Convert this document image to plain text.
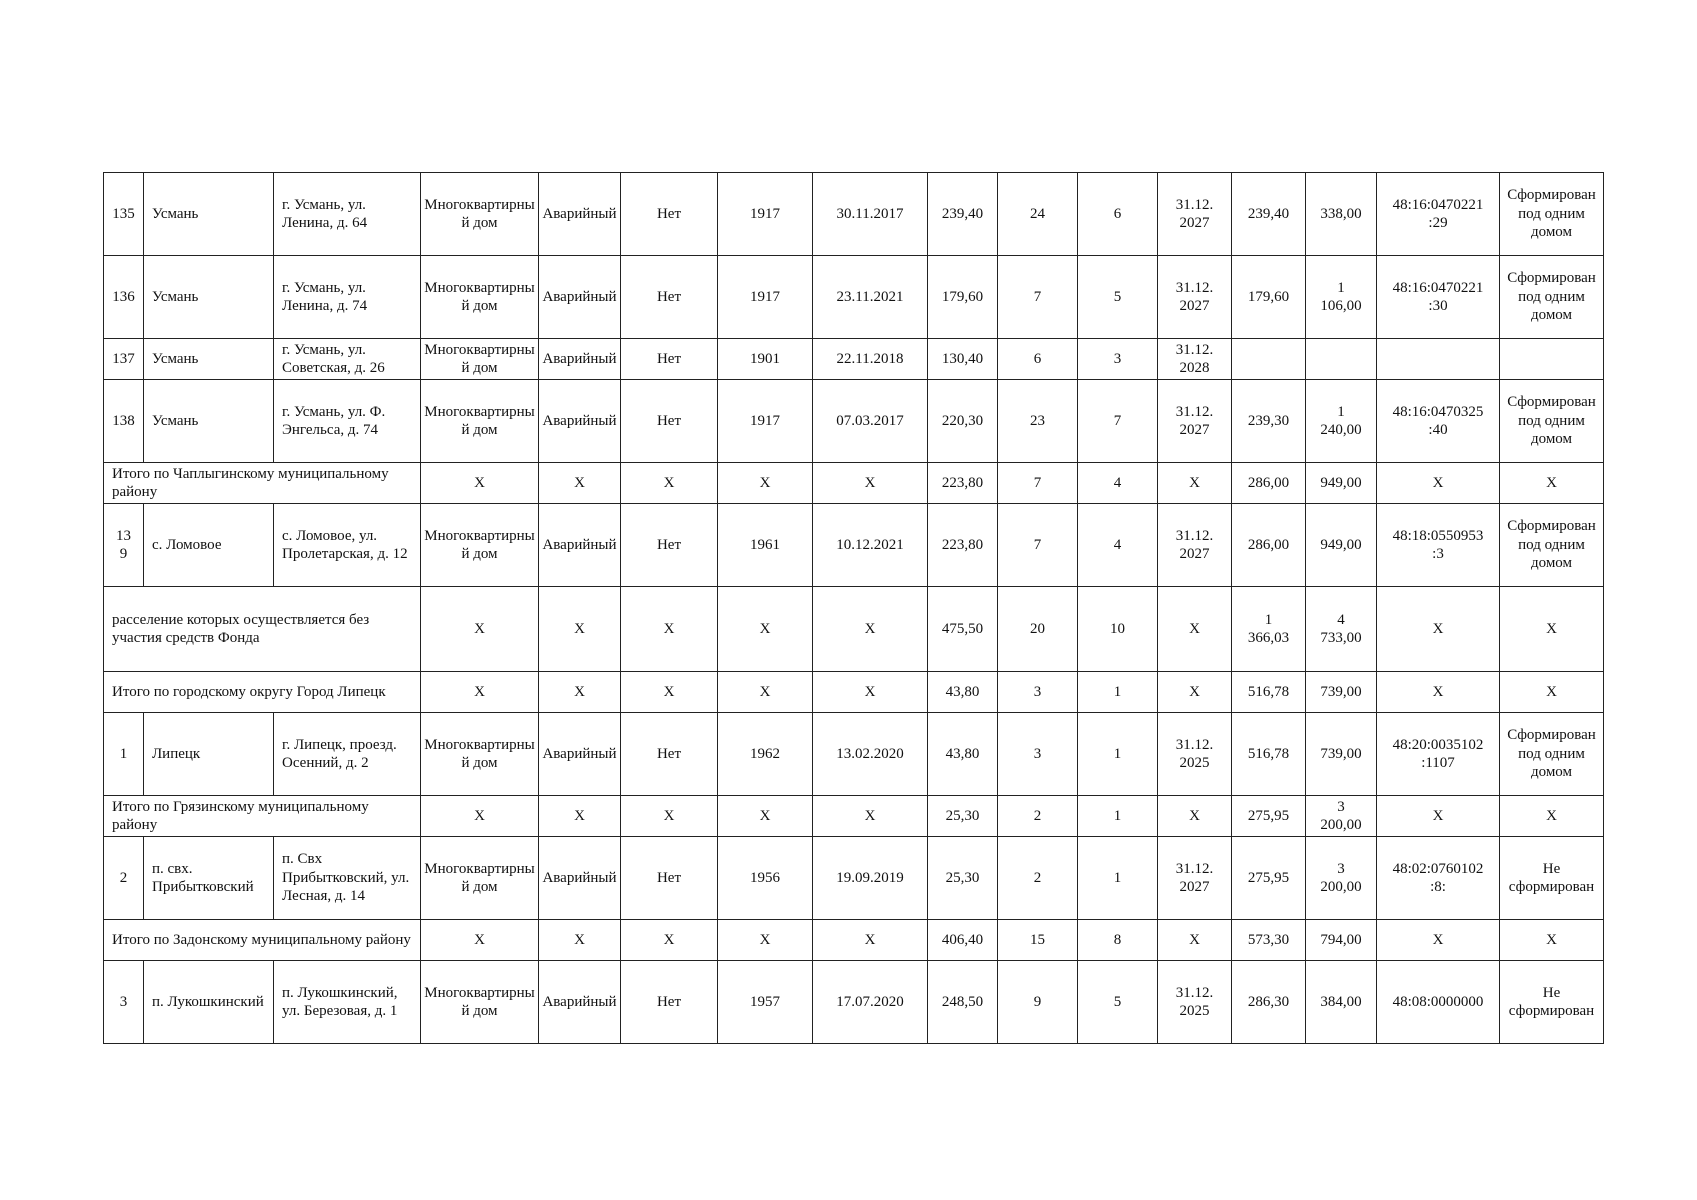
135	Усмань	г. Усмань, ул. Ленина, д. 64	Многоквартирный дом	Аварийный	Нет	1917	30.11.2017	239,40	24	6	31.12.
2027	239,40	338,00	48:16:0470221
:29	Сформирован под одним домом
136	Усмань	г. Усмань, ул. Ленина, д. 74	Многоквартирный дом	Аварийный	Нет	1917	23.11.2021	179,60	7	5	31.12.
2027	179,60	1
106,00	48:16:0470221
:30	Сформирован под одним домом
137	Усмань	г. Усмань, ул. Советская, д. 26	Многоквартирный дом	Аварийный	Нет	1901	22.11.2018	130,40	6	3	31.12.
2028				
138	Усмань	г. Усмань, ул. Ф. Энгельса, д. 74	Многоквартирный дом	Аварийный	Нет	1917	07.03.2017	220,30	23	7	31.12.
2027	239,30	1
240,00	48:16:0470325
:40	Сформирован под одним домом
Итого по Чаплыгинскому муниципальному району			X	X	X	X	X	223,80	7	4	X	286,00	949,00	X	X
13
9	с. Ломовое	с. Ломовое, ул. Пролетарская, д. 12	Многоквартирный дом	Аварийный	Нет	1961	10.12.2021	223,80	7	4	31.12.
2027	286,00	949,00	48:18:0550953
:3	Сформирован под одним домом
расселение которых осуществляется без участия средств Фонда			X	X	X	X	X	475,50	20	10	X	1
366,03	4
733,00	X	X
Итого по городскому округу Город Липецк			X	X	X	X	X	43,80	3	1	X	516,78	739,00	X	X
1	Липецк	г. Липецк, проезд. Осенний, д. 2	Многоквартирный дом	Аварийный	Нет	1962	13.02.2020	43,80	3	1	31.12.
2025	516,78	739,00	48:20:0035102
:1107	Сформирован под одним домом
Итого по Грязинскому муниципальному району			X	X	X	X	X	25,30	2	1	X	275,95	3
200,00	X	X
2	п. свх. Прибытковский	п. Свх Прибытковский, ул. Лесная, д. 14	Многоквартирный дом	Аварийный	Нет	1956	19.09.2019	25,30	2	1	31.12.
2027	275,95	3
200,00	48:02:0760102
:8:	Не сформирован
Итого по Задонскому муниципальному району			X	X	X	X	X	406,40	15	8	X	573,30	794,00	X	X
3	п. Лукошкинский	п. Лукошкинский, ул. Березовая, д. 1	Многоквартирный дом	Аварийный	Нет	1957	17.07.2020	248,50	9	5	31.12.
2025	286,30	384,00	48:08:0000000	Не сформирован
